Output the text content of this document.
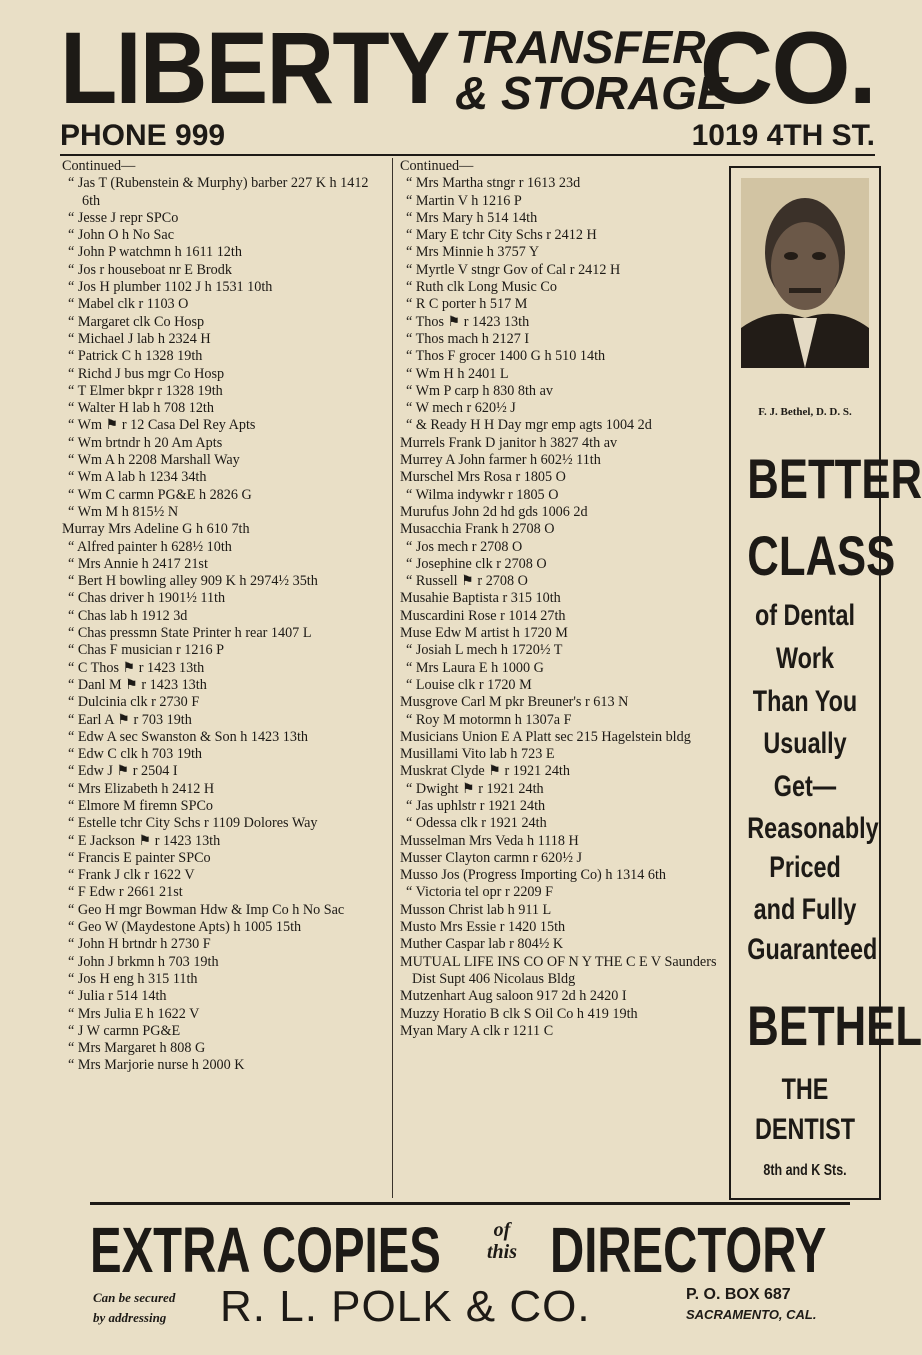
LIBERTY TRANSFER
& STORAGE
CO.
PHONE 999	1019 4TH ST.
Continued—
“ Jas T (Rubenstein & Murphy) barber 227 K h 1412 6th
“ Jesse J repr SPCo
“ John O h No Sac
“ John P watchmn h 1611 12th
“ Jos r houseboat nr E Brodk
“ Jos H plumber 1102 J h 1531 10th
“ Mabel clk r 1103 O
“ Margaret clk Co Hosp
“ Michael J lab h 2324 H
“ Patrick C h 1328 19th
“ Richd J bus mgr Co Hosp
“ T Elmer bkpr r 1328 19th
“ Walter H lab h 708 12th
“ Wm ⚑ r 12 Casa Del Rey Apts
“ Wm brtndr h 20 Am Apts
“ Wm A h 2208 Marshall Way
“ Wm A lab h 1234 34th
“ Wm C carmn PG&E h 2826 G
“ Wm M h 815½ N
Murray Mrs Adeline G h 610 7th
“ Alfred painter h 628½ 10th
“ Mrs Annie h 2417 21st
“ Bert H bowling alley 909 K h 2974½ 35th
“ Chas driver h 1901½ 11th
“ Chas lab h 1912 3d
“ Chas pressmn State Printer h rear 1407 L
“ Chas F musician r 1216 P
“ C Thos ⚑ r 1423 13th
“ Danl M ⚑ r 1423 13th
“ Dulcinia clk r 2730 F
“ Earl A ⚑ r 703 19th
“ Edw A sec Swanston & Son h 1423 13th
“ Edw C clk h 703 19th
“ Edw J ⚑ r 2504 I
“ Mrs Elizabeth h 2412 H
“ Elmore M firemn SPCo
“ Estelle tchr City Schs r 1109 Dolores Way
“ E Jackson ⚑ r 1423 13th
“ Francis E painter SPCo
“ Frank J clk r 1622 V
“ F Edw r 2661 21st
“ Geo H mgr Bowman Hdw & Imp Co h No Sac
“ Geo W (Maydestone Apts) h 1005 15th
“ John H brtndr h 2730 F
“ John J brkmn h 703 19th
“ Jos H eng h 315 11th
“ Julia r 514 14th
“ Mrs Julia E h 1622 V
“ J W carmn PG&E
“ Mrs Margaret h 808 G
“ Mrs Marjorie nurse h 2000 K
Continued—
“ Mrs Martha stngr r 1613 23d
“ Martin V h 1216 P
“ Mrs Mary h 514 14th
“ Mary E tchr City Schs r 2412 H
“ Mrs Minnie h 3757 Y
“ Myrtle V stngr Gov of Cal r 2412 H
“ Ruth clk Long Music Co
“ R C porter h 517 M
“ Thos ⚑ r 1423 13th
“ Thos mach h 2127 I
“ Thos F grocer 1400 G h 510 14th
“ Wm H h 2401 L
“ Wm P carp h 830 8th av
“ W mech r 620½ J
“ & Ready H H Day mgr emp agts 1004 2d
Murrels Frank D janitor h 3827 4th av
Murrey A John farmer h 602½ 11th
Murschel Mrs Rosa r 1805 O
“ Wilma indywkr r 1805 O
Murufus John 2d hd gds 1006 2d
Musacchia Frank h 2708 O
“ Jos mech r 2708 O
“ Josephine clk r 2708 O
“ Russell ⚑ r 2708 O
Musahie Baptista r 315 10th
Muscardini Rose r 1014 27th
Muse Edw M artist h 1720 M
“ Josiah L mech h 1720½ T
“ Mrs Laura E h 1000 G
“ Louise clk r 1720 M
Musgrove Carl M pkr Breuner's r 613 N
“ Roy M motormn h 1307a F
Musicians Union E A Platt sec 215 Hagelstein bldg
Musillami Vito lab h 723 E
Muskrat Clyde ⚑ r 1921 24th
“ Dwight ⚑ r 1921 24th
“ Jas uphlstr r 1921 24th
“ Odessa clk r 1921 24th
Musselman Mrs Veda h 1118 H
Musser Clayton carmn r 620½ J
Musso Jos (Progress Importing Co) h 1314 6th
“ Victoria tel opr r 2209 F
Musson Christ lab h 911 L
Musto Mrs Essie r 1420 15th
Muther Caspar lab r 804½ K
MUTUAL LIFE INS CO OF N Y THE C E V Saunders Dist Supt 406 Nicolaus Bldg
Mutzenhart Aug saloon 917 2d h 2420 I
Muzzy Horatio B clk S Oil Co h 419 19th
Myan Mary A clk r 1211 C
F. J. Bethel, D. D. S.
BETTER
CLASS
of Dental
Work
Than You
Usually
Get—
Reasonably
Priced
and Fully
Guaranteed
BETHEL
THE
DENTIST
8th and K Sts.
EXTRA COPIES	of
this DIRECTORY
Can be secured
by addressing R. L. POLK & CO.	P. O. BOX 687
SACRAMENTO, CAL.
